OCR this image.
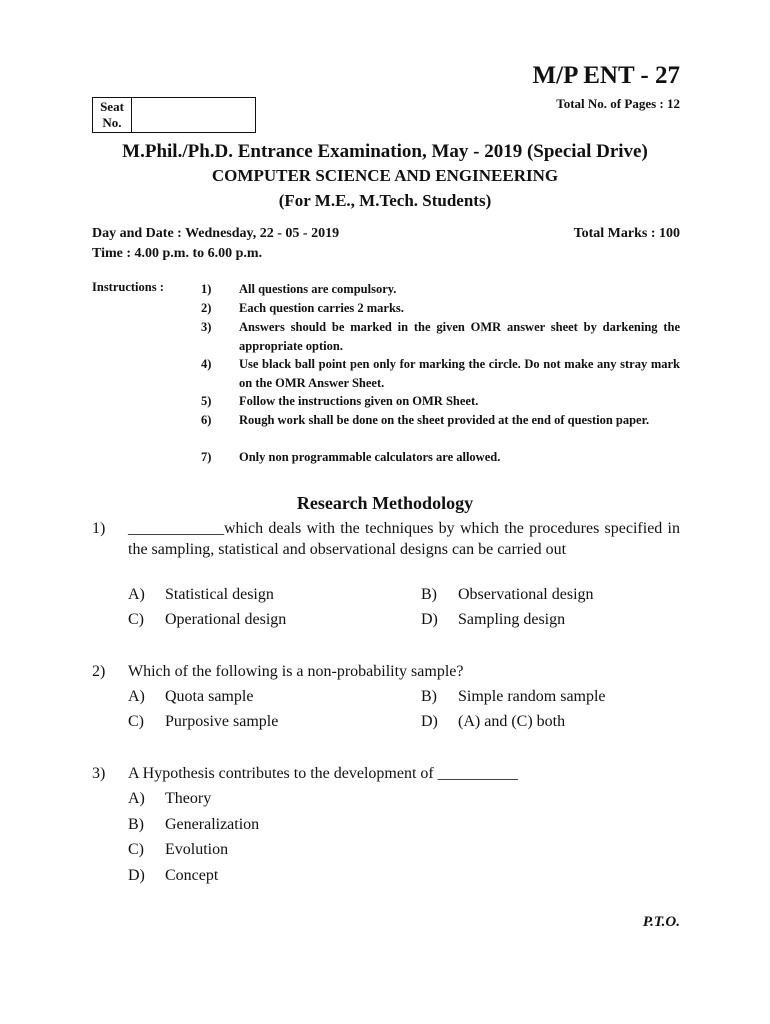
M/P ENT - 27
Total No. of Pages : 12
Seat
No.
M.Phil./Ph.D. Entrance Examination, May - 2019 (Special Drive)
COMPUTER SCIENCE AND ENGINEERING
(For M.E., M.Tech. Students)
Day and Date : Wednesday, 22 - 05 - 2019	Total Marks : 100
Time : 4.00 p.m. to 6.00 p.m.
Instructions :	1)	All questions are compulsory.
2)	Each question carries 2 marks.
3)	Answers should be marked in the given OMR answer sheet by darkening the appropriate option.
4)	Use black ball point pen only for marking the circle. Do not make any stray mark on the OMR Answer Sheet.
5)	Follow the instructions given on OMR Sheet.
6)	Rough work shall be done on the sheet provided at the end of question paper.
7)	Only non programmable calculators are allowed.
Research Methodology
1) ____________which deals with the techniques by which the procedures specified in the sampling, statistical and observational designs can be carried out
A) Statistical design	B) Observational design
C) Operational design	D) Sampling design
2) Which of the following is a non-probability sample?
A) Quota sample	B) Simple random sample
C) Purposive sample	D) (A) and (C) both
3) A Hypothesis contributes to the development of __________
A) Theory
B) Generalization
C) Evolution
D) Concept
P.T.O.
